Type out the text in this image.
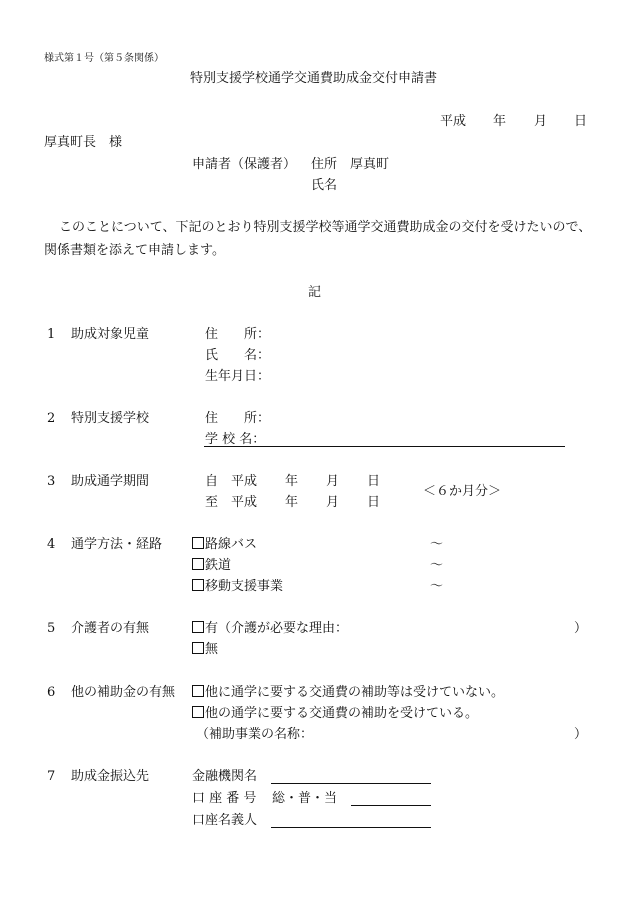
様式第１号（第５条関係）
特別支援学校通学交通費助成金交付申請書
平成 年 月 日
厚真町長　様
申請者（保護者） 住所 厚真町
氏名
このことについて、下記のとおり特別支援学校等通学交通費助成金の交付を受けたいので、
関係書類を添えて申請します。
記
1 助成対象児童	住　　所：
氏　　名：
生年月日：
2 特別支援学校	住　　所：
学 校 名：
3 助成通学期間	自 平成 年 月 日
至 平成 年 月 日
＜６か月分＞
4 通学方法・経路	路線バス	〜
鉄道	〜
移動支援事業	〜
5 介護者の有無	有（介護が必要な理由：	）
無
6 他の補助金の有無	他に通学に要する交通費の補助等は受けていない。
他の通学に要する交通費の補助を受けている。
（補助事業の名称：	）
7 助成金振込先	金融機関名
口 座 番 号 総・普・当
口座名義人
